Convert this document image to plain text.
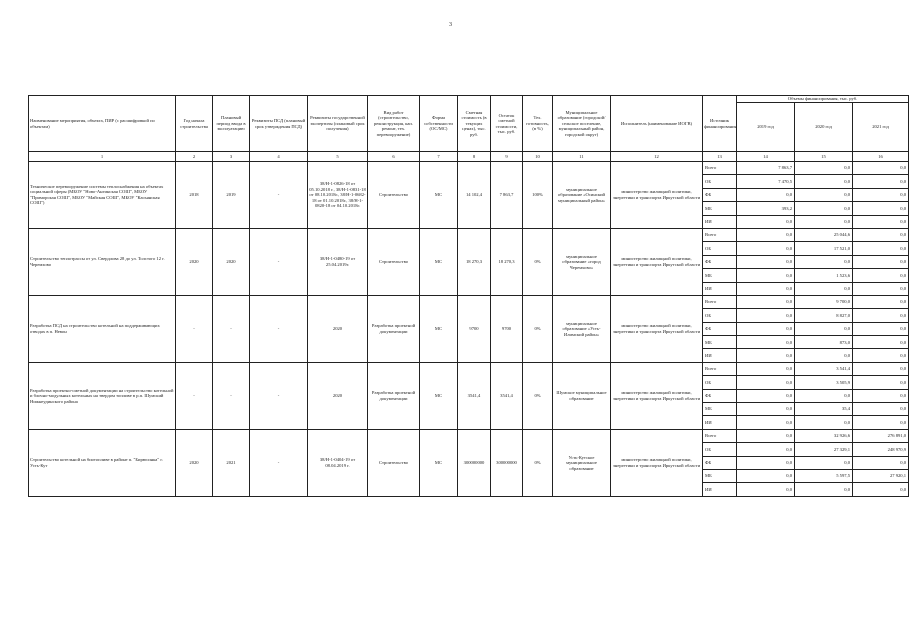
3
Наименование мероприятия, объекта, ПИР (с расшифровкой по объектам)	Год начала строительства	Плановый период ввода в эксплуатацию	Реквизиты ПСД (плановый срок утверждения ПСД)	Реквизиты государственной экспертизы (плановый срок получения)	Вид работ (строительство, реконструкция, кап. ремонт, тех. перевооружение)	Форма собственности (ОС/МС)	Сметная стоимость (в текущих ценах), тыс. руб.	Остаток сметной стоимости, тыс. руб.	Тех. готовность, (в %)	Муниципальное образование (городской/сельское поселение, муниципальный район, городской округ)	Исполнитель (наименование ИОГВ)	Источник финансирования	Объемы финансирования, тыс. руб.		
													2019 год	2020 год	2021 год
1	2	3	4	5	6	7	8	9	10	11	12	13	14	15	16
Техническое перевооружение системы теплоснабжения на объектах социальной сферы (МБОУ "Ново-Ангинская СОШ", МБОУ "Приморская СОШ", МБОУ "Майская СОШ", МБОУ "Касьянская СОШ")	2018	2019	-	38/Н-1-0826-18 от 05.10.2018 г., 38/Н-1-0831-18 от 08.10.2018г., 38/Н-1-0682-18 от 01.10.2018г., 38/Н-1-0820-18 от 04.10.2018г.	Строительство	МС	14 102,4	7 863,7	100%	муниципальное образование «Осинский муниципальный район»	министерство жилищной политики, энергетики и транспорта Иркутской области	Всего	7 863,7	0,0	0,0
												ОБ	7 470,5	0,0	0,0
												ФБ	0,0	0,0	0,0
												МБ	393,2	0,0	0,0
												ИИ	0,0	0,0	0,0
Строительство теплотрассы от ул. Свердлова 28 до ул. Толстого 12 г. Черемхово	2020	2020	-	38/Н-1-0480-19 от 25.04.2019г.	Строительство	МС	18 270,3	18 270,3	0%	муниципальное образование «город Черемхово»	министерство жилищной политики, энергетики и транспорта Иркутской области	Всего	0,0	25 044,6	0,0
												ОБ	0,0	17 521,0	0,0
												ФБ	0,0	0,0	0,0
												МБ	0,0	1 523,6	0,0
												ИИ	0,0	0,0	0,0
Разработка ПСД на строительство котельной на поддерживающих отводах в п. Невон	-	-	-	2020	Разработка проектной документации	МС	9700	9700	0%	муниципальное образование «Усть-Илимский район»	министерство жилищной политики, энергетики и транспорта Иркутской области	Всего	0,0	9 700,0	0,0
												ОБ	0,0	8 827,0	0,0
												ФБ	0,0	0,0	0,0
												МБ	0,0	873,0	0,0
												ИИ	0,0	0,0	0,0
Разработка проектно-сметной документации на строительство котельной и блочно-модульных котельных на твердом топливе в р.п. Шумский Нижнеудинского района	-	-	-	2020	Разработка проектной документации	МС	3541,4	3541,4	0%	Шумское муниципальное образование	министерство жилищной политики, энергетики и транспорта Иркутской области	Всего	0,0	3 541,4	0,0
												ОБ	0,0	3 505,9	0,0
												ФБ	0,0	0,0	0,0
												МБ	0,0	35,4	0,0
												ИИ	0,0	0,0	0,0
Строительство котельной на биотопливе в районе п. "Бирюсинка" г. Усть-Кут	2020	2021	-	38/Н-1-0404-19 от 08.04.2019 г.	Строительство	МС	300000000	300000000	0%	Усть-Кутское муниципальное образование	министерство жилищной политики, энергетики и транспорта Иркутской области	Всего	0,0	32 926,6	276 891,0
												ОБ	0,0	27 329,1	248 970,9
												ФБ	0,0	0,0	0,0
												МБ	0,0	5 597,5	27 920,1
												ИИ	0,0	0,0	0,0
